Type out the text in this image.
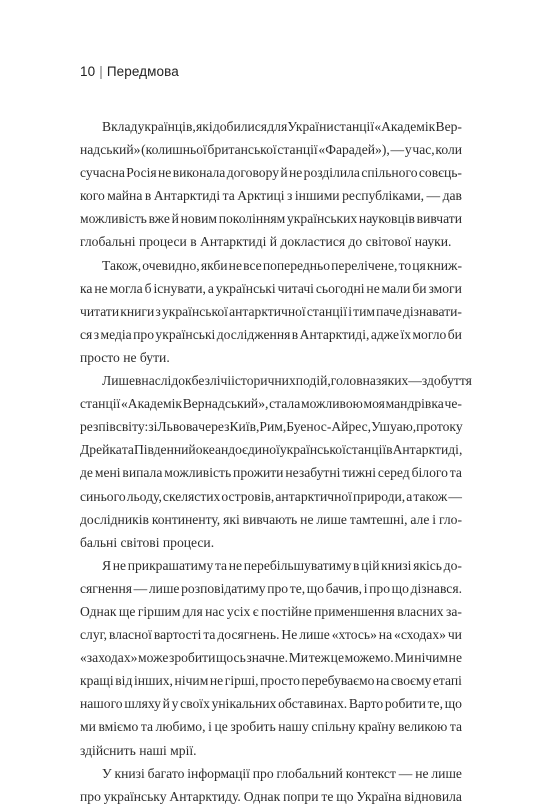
10 | Передмова
Вклад українців, які добилися для України станції «Академік Вер-
надський» (колишньої британської станції «Фарадей»), — у час, коли
сучасна Росія не виконала договору й не розділила спільного совєць-
кого майна в Антарктиді та Арктиці з іншими республіками, — дав
можливість вже й новим поколінням українських науковців вивчати
глобальні процеси в Антарктиді й докластися до світової науки.
Також, очевидно, якби не все попередньо перелічене, то ця книж-
ка не могла б існувати, а українські читачі сьогодні не мали би змоги
читати книги з української антарктичної станції і тим паче дізнавати-
ся з медіа про українські дослідження в Антарктиді, адже їх могло би
просто не бути.
Лише внаслідок безлічі історичних подій, головна з яких — здобуття
станції «Академік Вернадський», стала можливою моя мандрівка че-
рез пів світу: зі Львова через Київ, Рим, Буенос-Айрес, Ушуаю, протоку
Дрейка та Південний океан до єдиної української станції в Антарктиді,
де мені випала можливість прожити незабутні тижні серед білого та
синього льоду, скелястих островів, антарктичної природи, а також —
дослідників континенту, які вивчають не лише тамтешні, але і гло-
бальні світові процеси.
Я не прикрашатиму та не перебільшуватиму в цій книзі якісь до-
сягнення — лише розповідатиму про те, що бачив, і про що дізнався.
Однак ще гіршим для нас усіх є постійне применшення власних за-
слуг, власної вартості та досягнень. Не лише «хтось» на «сходах» чи
«заходах» може зробити щось значне. Ми теж це можемо. Ми нічим не
кращі від інших, нічим не гірші, просто перебуваємо на своєму етапі
нашого шляху й у своїх унікальних обставинах. Варто робити те, що
ми вміємо та любимо, і це зробить нашу спільну країну великою та
здійснить наші мрії.
У книзі багато інформації про глобальний контекст — не лише
про українську Антарктиду. Однак попри те що Україна відновила
